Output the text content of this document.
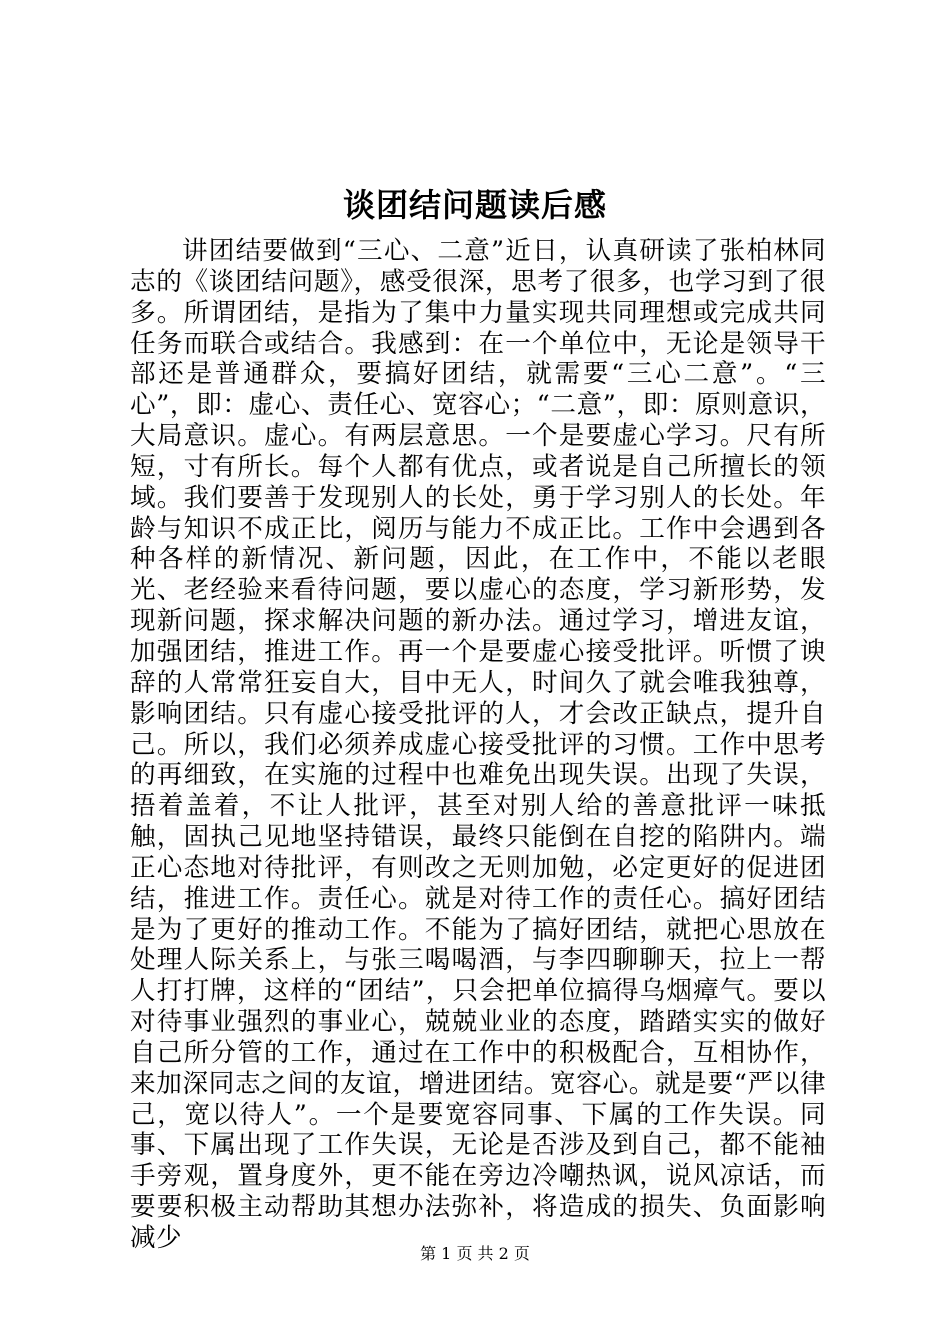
谈团结问题读后感

讲团结要做到“三心、二意”近日，认真研读了张柏林同志的《谈团结问题》，感受很深，思考了很多，也学习到了很多。所谓团结，是指为了集中力量实现共同理想或完成共同任务而联合或结合。我感到：在一个单位中，无论是领导干部还是普通群众，要搞好团结，就需要“三心二意”。“三心”，即：虚心、责任心、宽容心；“二意”，即：原则意识，大局意识。虚心。有两层意思。一个是要虚心学习。尺有所短，寸有所长。每个人都有优点，或者说是自己所擅长的领域。我们要善于发现别人的长处，勇于学习别人的长处。年龄与知识不成正比，阅历与能力不成正比。工作中会遇到各种各样的新情况、新问题，因此，在工作中，不能以老眼光、老经验来看待问题，要以虚心的态度，学习新形势，发现新问题，探求解决问题的新办法。通过学习，增进友谊，加强团结，推进工作。再一个是要虚心接受批评。听惯了谀辞的人常常狂妄自大，目中无人，时间久了就会唯我独尊，影响团结。只有虚心接受批评的人，才会改正缺点，提升自己。所以，我们必须养成虚心接受批评的习惯。工作中思考的再细致，在实施的过程中也难免出现失误。出现了失误，捂着盖着，不让人批评，甚至对别人给的善意批评一味抵触，固执己见地坚持错误，最终只能倒在自挖的陷阱内。端正心态地对待批评，有则改之无则加勉，必定更好的促进团结，推进工作。责任心。就是对待工作的责任心。搞好团结是为了更好的推动工作。不能为了搞好团结，就把心思放在处理人际关系上，与张三喝喝酒，与李四聊聊天，拉上一帮人打打牌，这样的“团结”，只会把单位搞得乌烟瘴气。要以对待事业强烈的事业心，兢兢业业的态度，踏踏实实的做好自己所分管的工作，通过在工作中的积极配合，互相协作，来加深同志之间的友谊，增进团结。宽容心。就是要“严以律己，宽以待人”。一个是要宽容同事、下属的工作失误。同事、下属出现了工作失误，无论是否涉及到自己，都不能袖手旁观，置身度外，更不能在旁边冷嘲热讽，说风凉话，而要要积极主动帮助其想办法弥补，将造成的损失、负面影响减少

第 1 页 共 2 页
